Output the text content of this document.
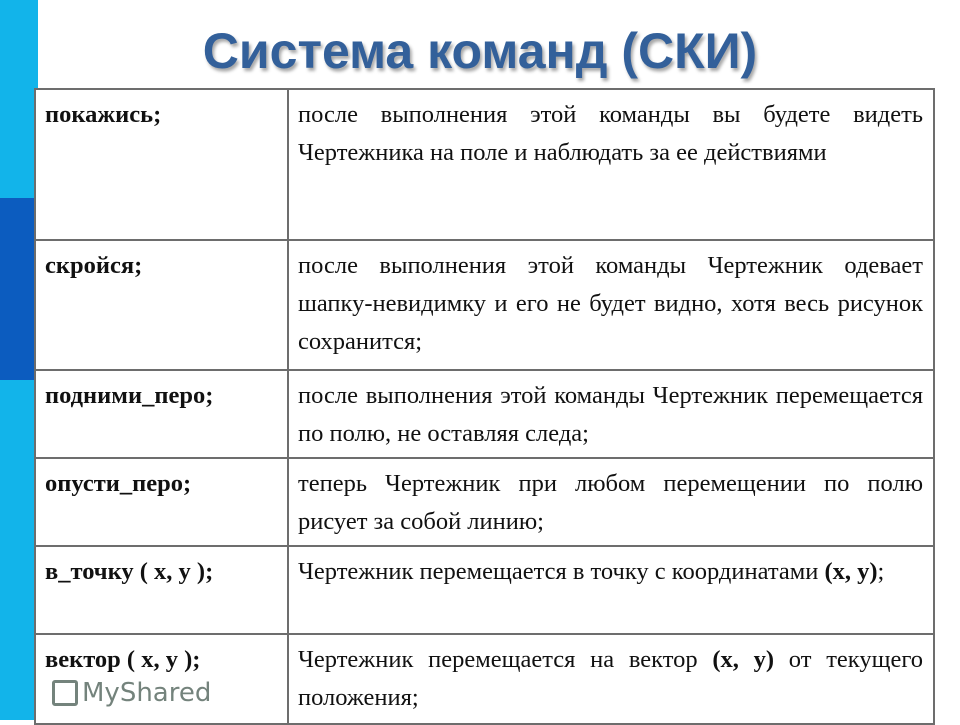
Система команд (СКИ)
покажись;	после выполнения этой команды вы будете видеть Чертежника на поле и наблюдать за ее действиями
скройся;	после выполнения этой команды Чертежник одевает шапку-невидимку и его не будет видно, хотя весь рисунок сохранится;
подними_перо;	после выполнения этой команды Чертежник перемещается по полю, не оставляя следа;
опусти_перо;	теперь Чертежник при любом перемещении по полю рисует за собой линию;
в_точку ( x, y );	Чертежник перемещается в точку с координатами (x, y);
вектор ( x, y );	Чертежник перемещается на вектор (x, y) от текущего положения;
MyShared
